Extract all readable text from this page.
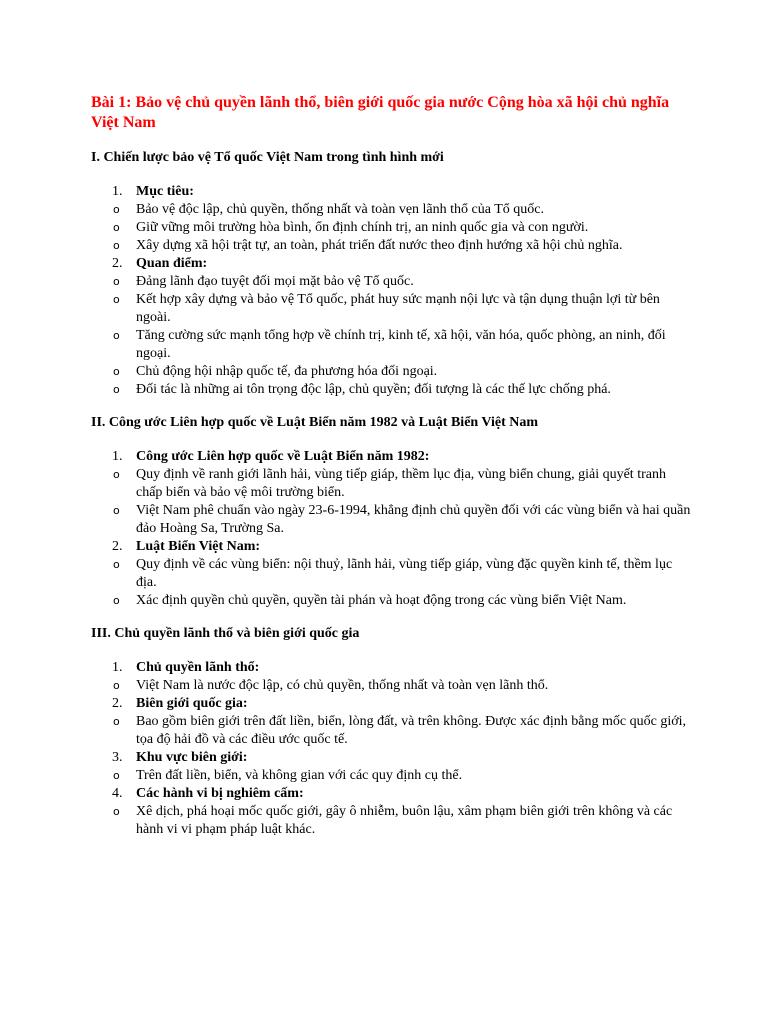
Bài 1: Bảo vệ chủ quyền lãnh thổ, biên giới quốc gia nước Cộng hòa xã hội chủ nghĩa Việt Nam
I. Chiến lược bảo vệ Tổ quốc Việt Nam trong tình hình mới
1. Mục tiêu:
o Bảo vệ độc lập, chủ quyền, thống nhất và toàn vẹn lãnh thổ của Tổ quốc.
o Giữ vững môi trường hòa bình, ổn định chính trị, an ninh quốc gia và con người.
o Xây dựng xã hội trật tự, an toàn, phát triển đất nước theo định hướng xã hội chủ nghĩa.
2. Quan điểm:
o Đảng lãnh đạo tuyệt đối mọi mặt bảo vệ Tổ quốc.
o Kết hợp xây dựng và bảo vệ Tổ quốc, phát huy sức mạnh nội lực và tận dụng thuận lợi từ bên ngoài.
o Tăng cường sức mạnh tổng hợp về chính trị, kinh tế, xã hội, văn hóa, quốc phòng, an ninh, đối ngoại.
o Chủ động hội nhập quốc tế, đa phương hóa đối ngoại.
o Đối tác là những ai tôn trọng độc lập, chủ quyền; đối tượng là các thế lực chống phá.
II. Công ước Liên hợp quốc về Luật Biển năm 1982 và Luật Biển Việt Nam
1. Công ước Liên hợp quốc về Luật Biển năm 1982:
o Quy định về ranh giới lãnh hải, vùng tiếp giáp, thềm lục địa, vùng biển chung, giải quyết tranh chấp biển và bảo vệ môi trường biển.
o Việt Nam phê chuẩn vào ngày 23-6-1994, khẳng định chủ quyền đối với các vùng biển và hai quần đảo Hoàng Sa, Trường Sa.
2. Luật Biển Việt Nam:
o Quy định về các vùng biển: nội thuỷ, lãnh hải, vùng tiếp giáp, vùng đặc quyền kinh tế, thềm lục địa.
o Xác định quyền chủ quyền, quyền tài phán và hoạt động trong các vùng biển Việt Nam.
III. Chủ quyền lãnh thổ và biên giới quốc gia
1. Chủ quyền lãnh thổ:
o Việt Nam là nước độc lập, có chủ quyền, thống nhất và toàn vẹn lãnh thổ.
2. Biên giới quốc gia:
o Bao gồm biên giới trên đất liền, biển, lòng đất, và trên không. Được xác định bằng mốc quốc giới, tọa độ hải đồ và các điều ước quốc tế.
3. Khu vực biên giới:
o Trên đất liền, biển, và không gian với các quy định cụ thể.
4. Các hành vi bị nghiêm cấm:
o Xê dịch, phá hoại mốc quốc giới, gây ô nhiễm, buôn lậu, xâm phạm biên giới trên không và các hành vi vi phạm pháp luật khác.
